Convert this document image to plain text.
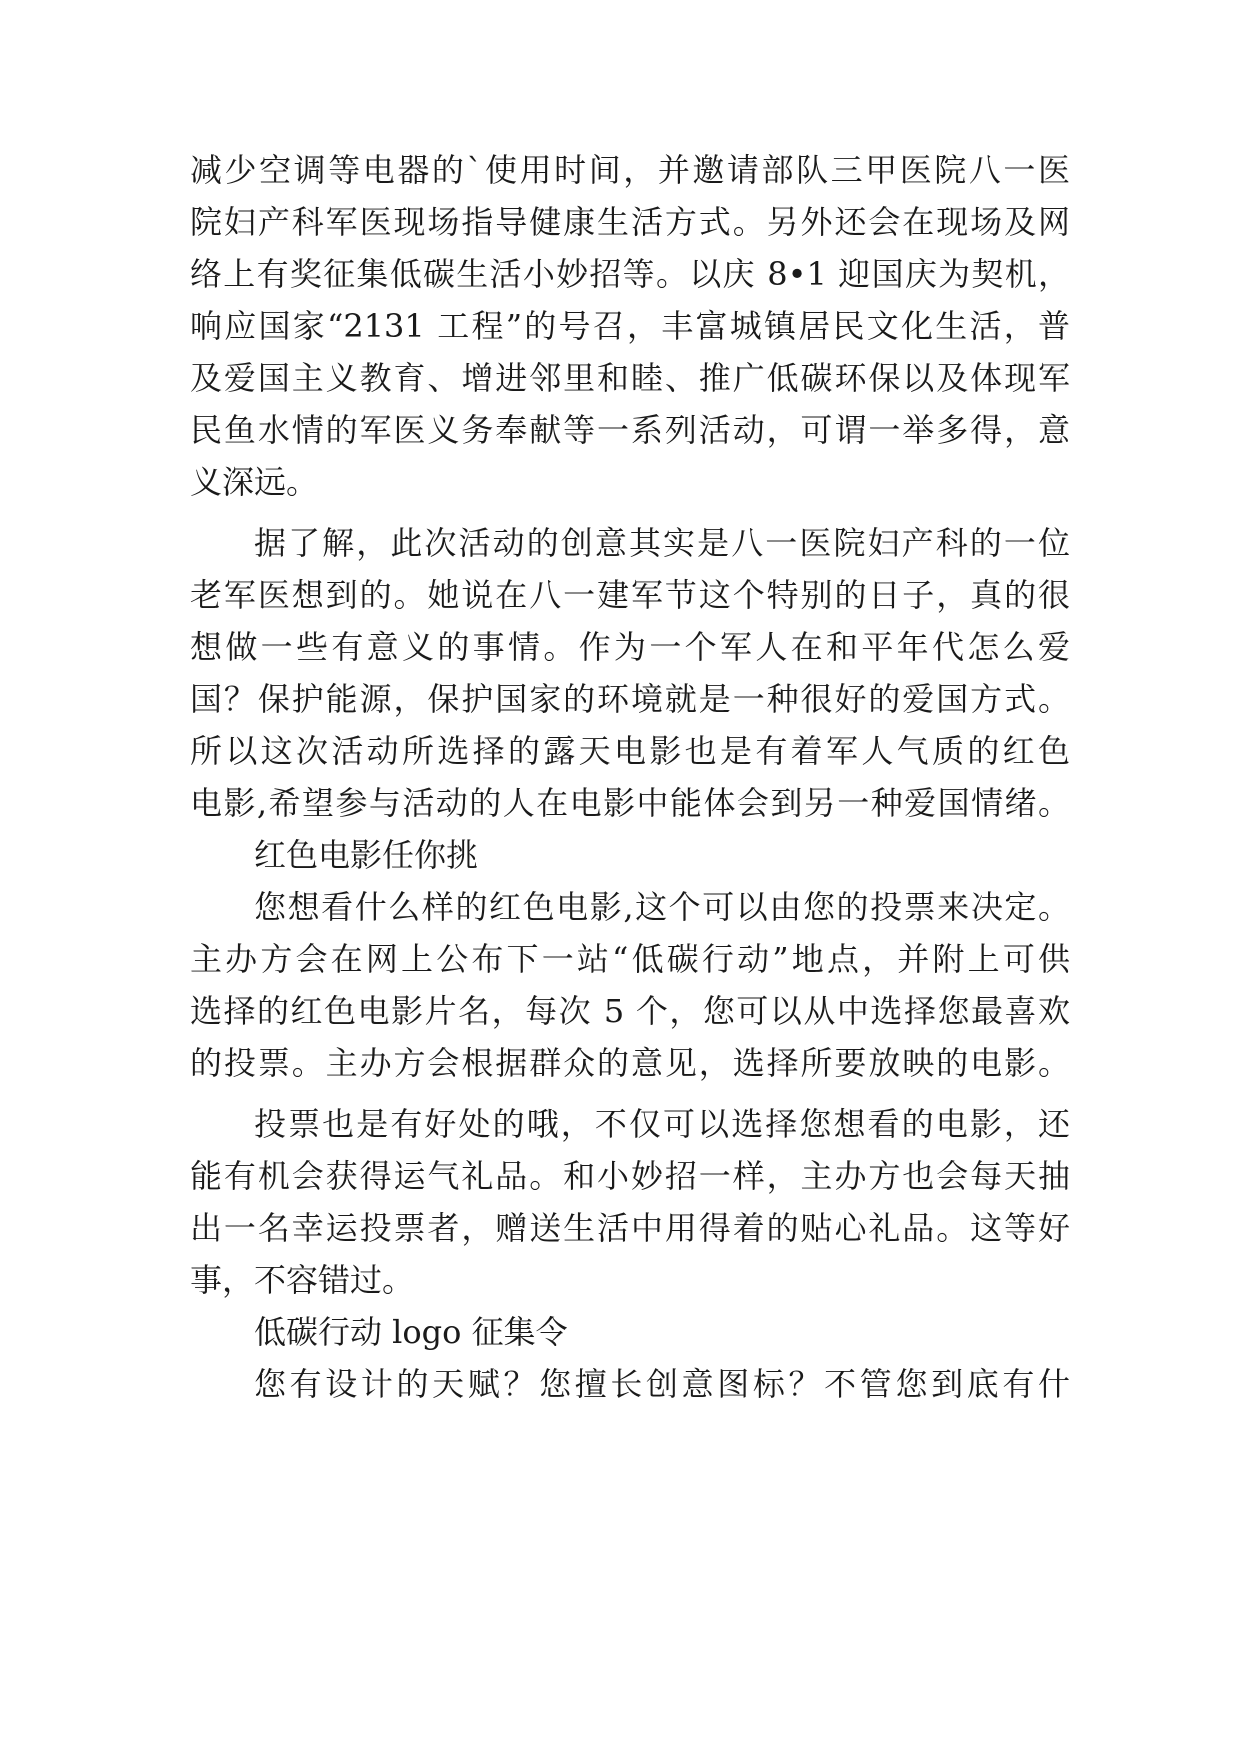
减少空调等电器的`使用时间，并邀请部队三甲医院八一医
院妇产科军医现场指导健康生活方式。另外还会在现场及网
络上有奖征集低碳生活小妙招等。以庆 8•1 迎国庆为契机，
响应国家“2131 工程”的号召，丰富城镇居民文化生活，普
及爱国主义教育、增进邻里和睦、推广低碳环保以及体现军
民鱼水情的军医义务奉献等一系列活动，可谓一举多得，意
义深远。
据了解，此次活动的创意其实是八一医院妇产科的一位
老军医想到的。她说在八一建军节这个特别的日子，真的很
想做一些有意义的事情。作为一个军人在和平年代怎么爱
国？保护能源，保护国家的环境就是一种很好的爱国方式。
所以这次活动所选择的露天电影也是有着军人气质的红色
电影,希望参与活动的人在电影中能体会到另一种爱国情绪。
红色电影任你挑
您想看什么样的红色电影,这个可以由您的投票来决定。
主办方会在网上公布下一站“低碳行动”地点，并附上可供
选择的红色电影片名，每次 5 个，您可以从中选择您最喜欢
的投票。主办方会根据群众的意见，选择所要放映的电影。
投票也是有好处的哦，不仅可以选择您想看的电影，还
能有机会获得运气礼品。和小妙招一样，主办方也会每天抽
出一名幸运投票者，赠送生活中用得着的贴心礼品。这等好
事，不容错过。
低碳行动 logo 征集令
您有设计的天赋？您擅长创意图标？不管您到底有什
